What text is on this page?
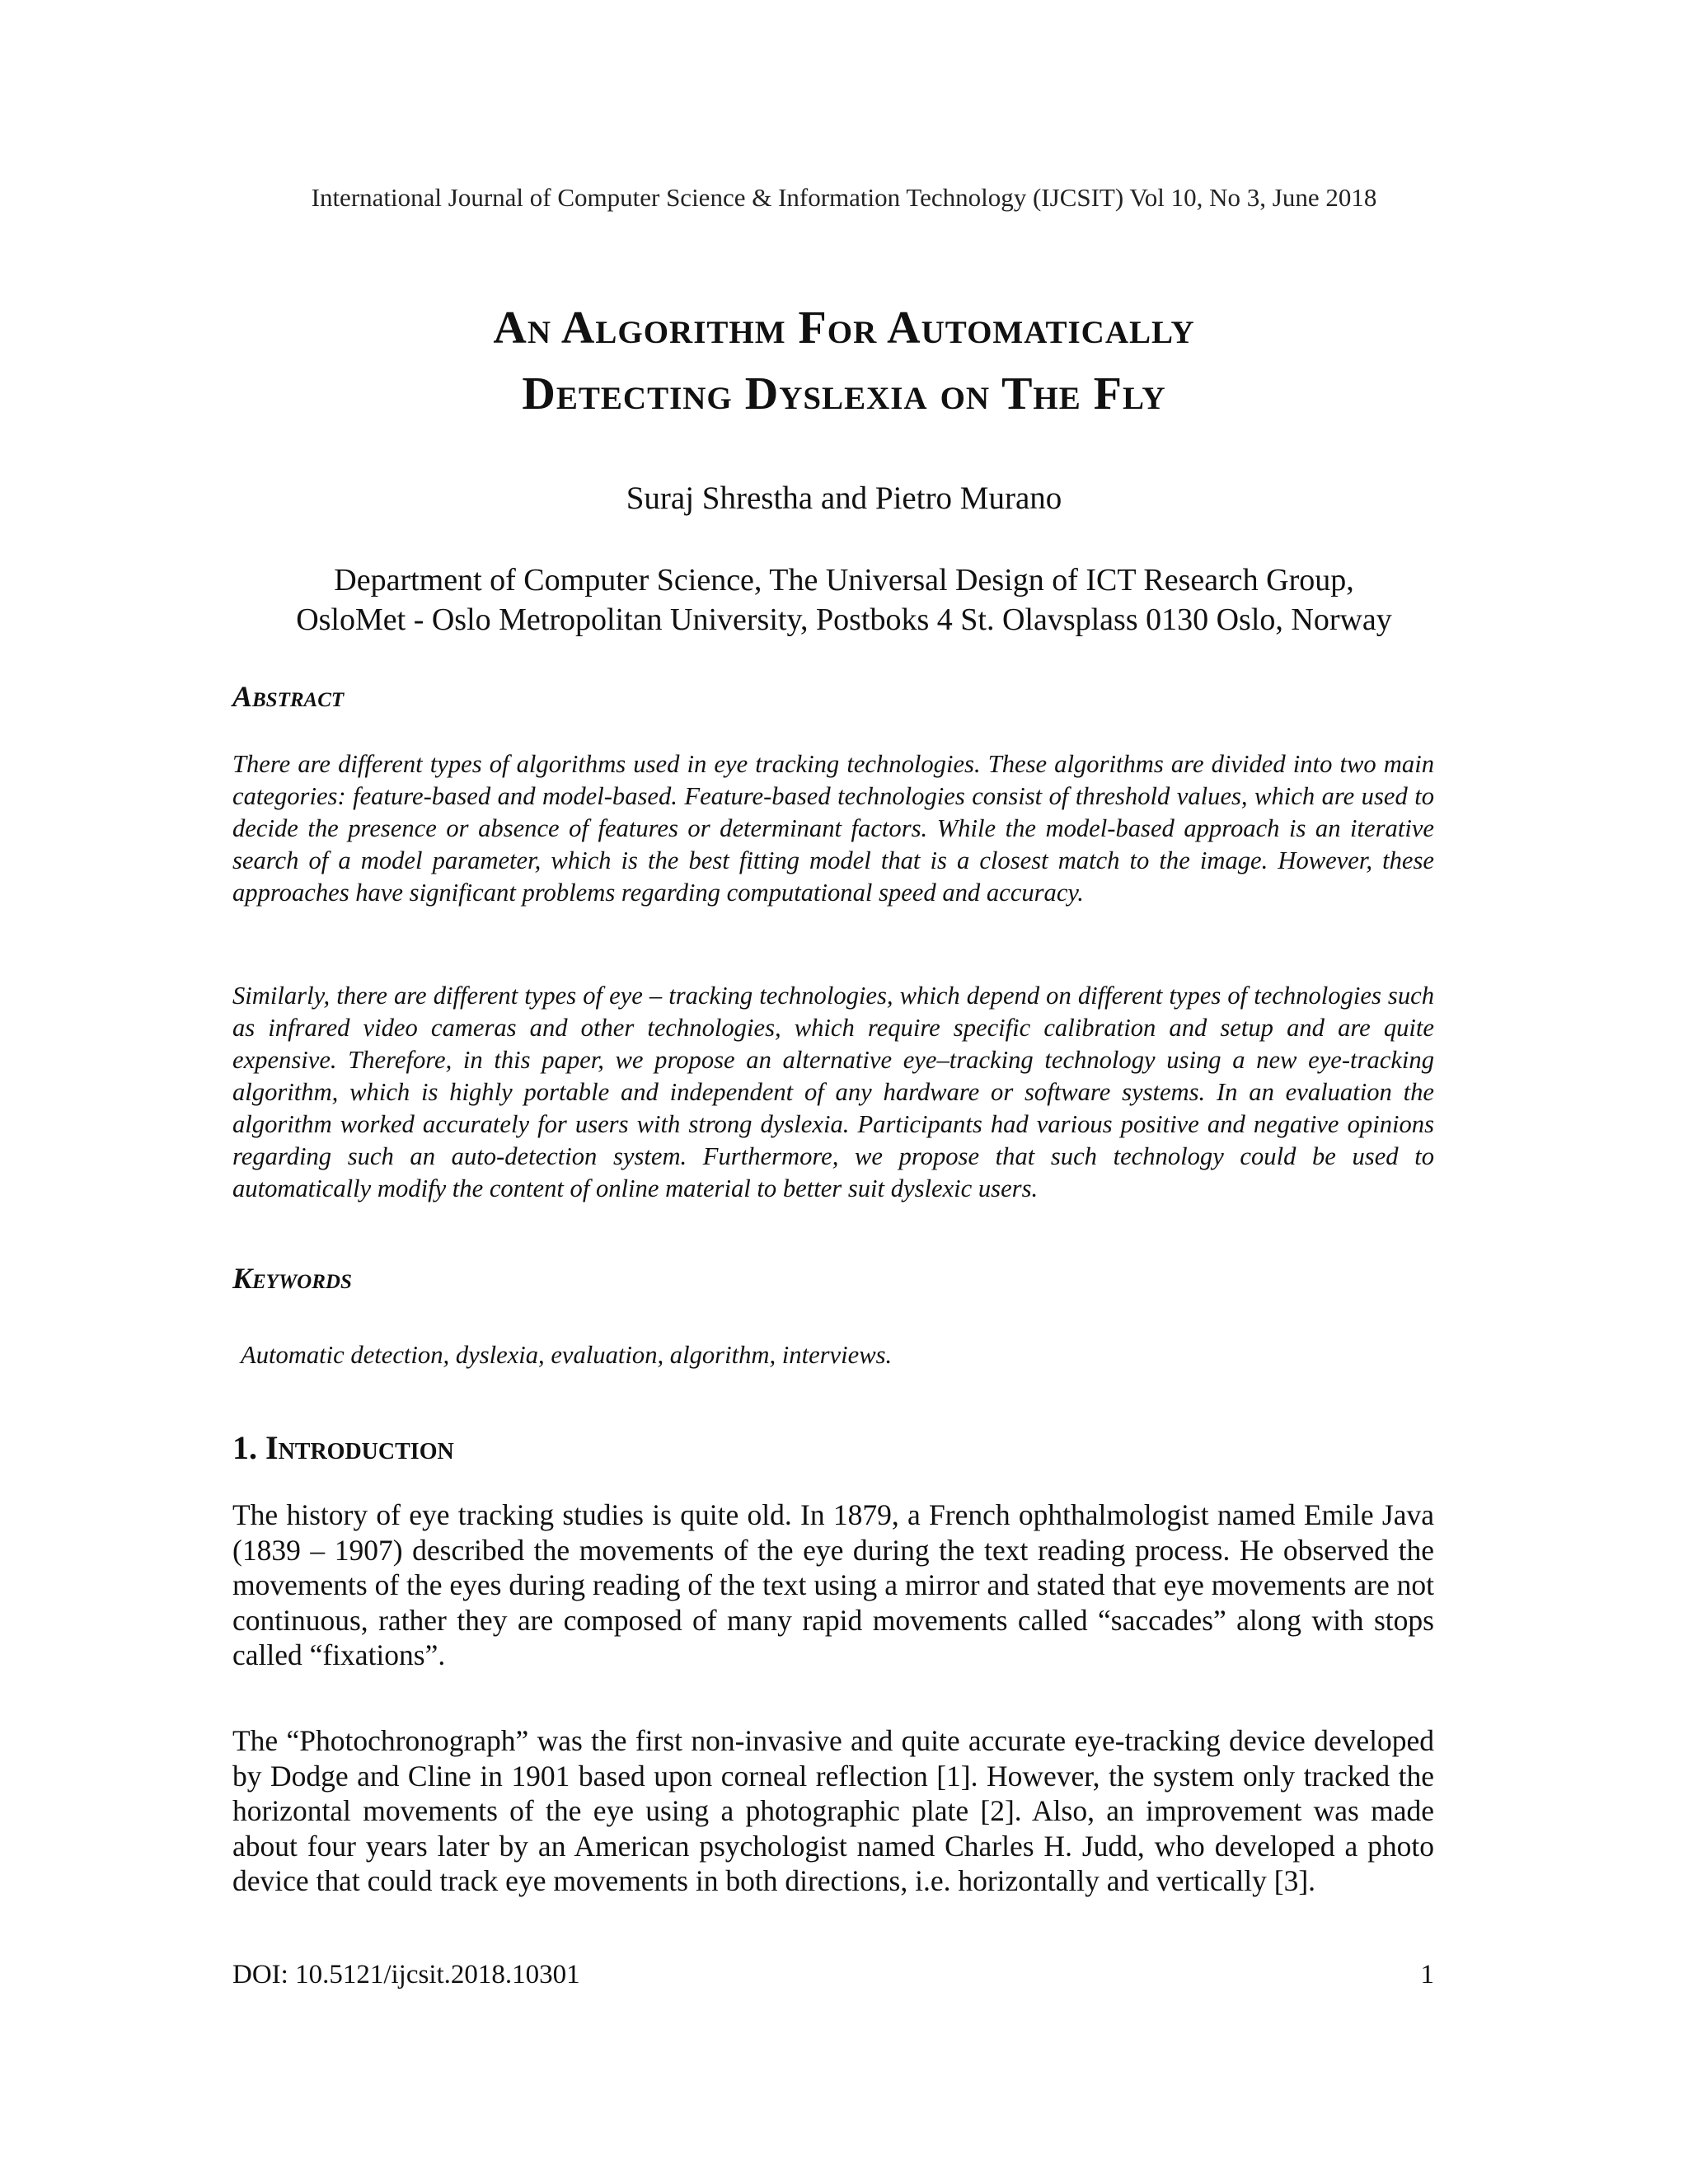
International Journal of Computer Science & Information Technology (IJCSIT) Vol 10, No 3, June 2018
An Algorithm For Automatically
Detecting Dyslexia on The Fly
Suraj Shrestha and Pietro Murano
Department of Computer Science, The Universal Design of ICT Research Group,
OsloMet - Oslo Metropolitan University, Postboks 4 St. Olavsplass 0130 Oslo, Norway
Abstract

There are different types of algorithms used in eye tracking technologies. These algorithms are divided into two main categories: feature-based and model-based. Feature-based technologies consist of threshold values, which are used to decide the presence or absence of features or determinant factors. While the model-based approach is an iterative search of a model parameter, which is the best fitting model that is a closest match to the image. However, these approaches have significant problems regarding computational speed and accuracy.

Similarly, there are different types of eye – tracking technologies, which depend on different types of technologies such as infrared video cameras and other technologies, which require specific calibration and setup and are quite expensive. Therefore, in this paper, we propose an alternative eye–tracking technology using a new eye-tracking algorithm, which is highly portable and independent of any hardware or software systems. In an evaluation the algorithm worked accurately for users with strong dyslexia. Participants had various positive and negative opinions regarding such an auto-detection system. Furthermore, we propose that such technology could be used to automatically modify the content of online material to better suit dyslexic users.

Keywords
Automatic detection, dyslexia, evaluation, algorithm, interviews.
1. Introduction

The history of eye tracking studies is quite old. In 1879, a French ophthalmologist named Emile Java (1839 – 1907) described the movements of the eye during the text reading process. He observed the movements of the eyes during reading of the text using a mirror and stated that eye movements are not continuous, rather they are composed of many rapid movements called “saccades” along with stops called “fixations”.

The “Photochronograph” was the first non-invasive and quite accurate eye-tracking device developed by Dodge and Cline in 1901 based upon corneal reflection [1]. However, the system only tracked the horizontal movements of the eye using a photographic plate [2]. Also, an improvement was made about four years later by an American psychologist named Charles H. Judd, who developed a photo device that could track eye movements in both directions, i.e. horizontally and vertically [3].

DOI: 10.5121/ijcsit.2018.10301	1
